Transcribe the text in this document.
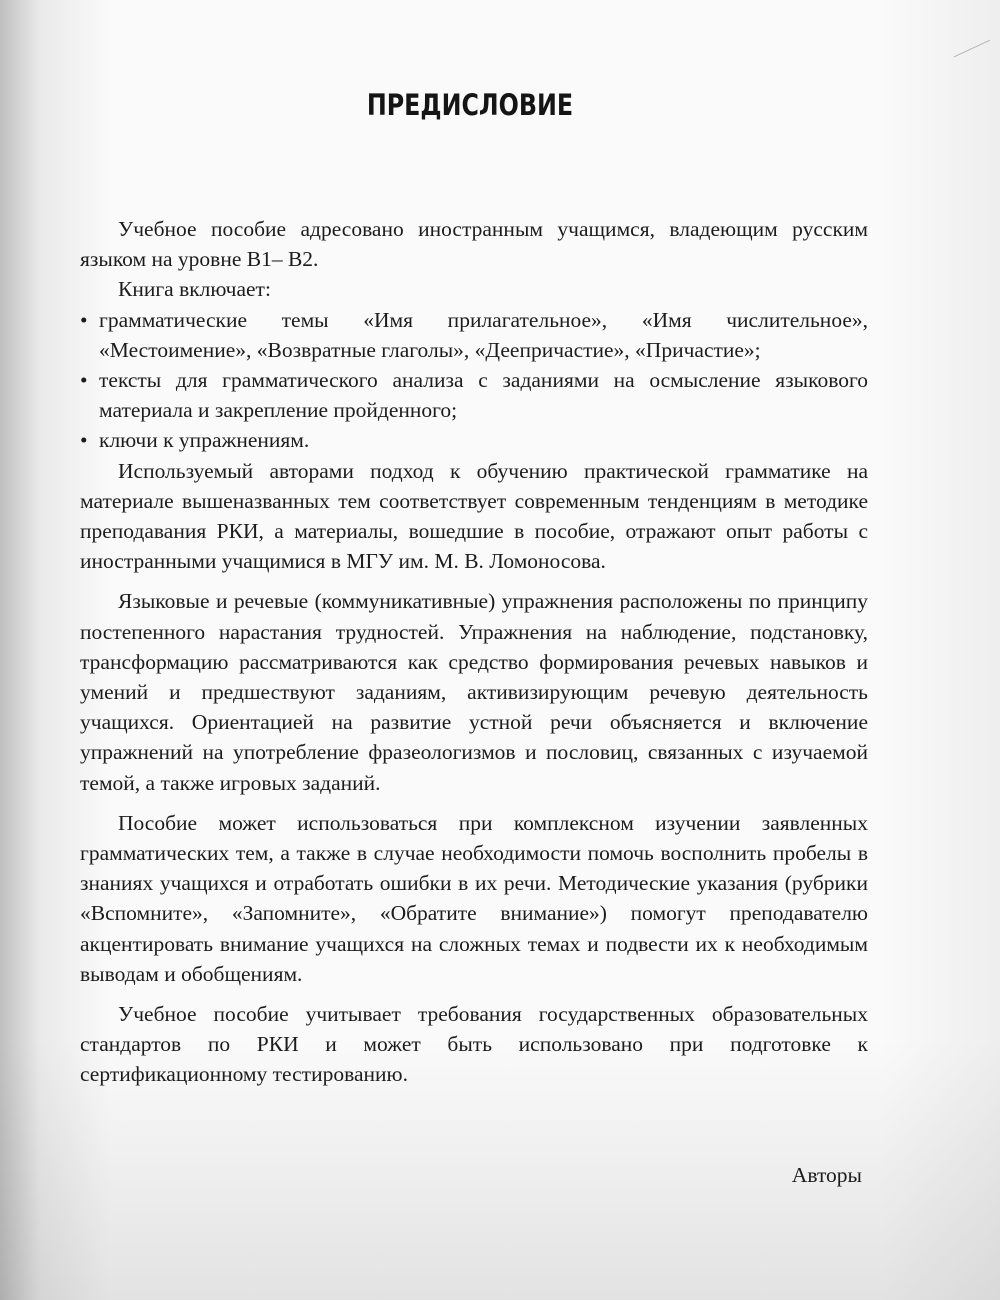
ПРЕДИСЛОВИЕ

Учебное пособие адресовано иностранным учащимся, владеющим русским языком на уровне В1– В2.

Книга включает:

• грамматические темы «Имя прилагательное», «Имя числительное», «Местоимение», «Возвратные глаголы», «Деепричастие», «Причастие»;
• тексты для грамматического анализа с заданиями на осмысление языкового материала и закрепление пройденного;
• ключи к упражнениям.

Используемый авторами подход к обучению практической грамматике на материале вышеназванных тем соответствует современным тенденциям в методике преподавания РКИ, а материалы, вошедшие в пособие, отражают опыт работы с иностранными учащимися в МГУ им. М. В. Ломоносова.

Языковые и речевые (коммуникативные) упражнения расположены по принципу постепенного нарастания трудностей. Упражнения на наблюдение, подстановку, трансформацию рассматриваются как средство формирования речевых навыков и умений и предшествуют заданиям, активизирующим речевую деятельность учащихся. Ориентацией на развитие устной речи объясняется и включение упражнений на употребление фразеологизмов и пословиц, связанных с изучаемой темой, а также игровых заданий.

Пособие может использоваться при комплексном изучении заявленных грамматических тем, а также в случае необходимости помочь восполнить пробелы в знаниях учащихся и отработать ошибки в их речи. Методические указания (рубрики «Вспомните», «Запомните», «Обратите внимание») помогут преподавателю акцентировать внимание учащихся на сложных темах и подвести их к необходимым выводам и обобщениям.

Учебное пособие учитывает требования государственных образовательных стандартов по РКИ и может быть использовано при подготовке к сертификационному тестированию.

Авторы
